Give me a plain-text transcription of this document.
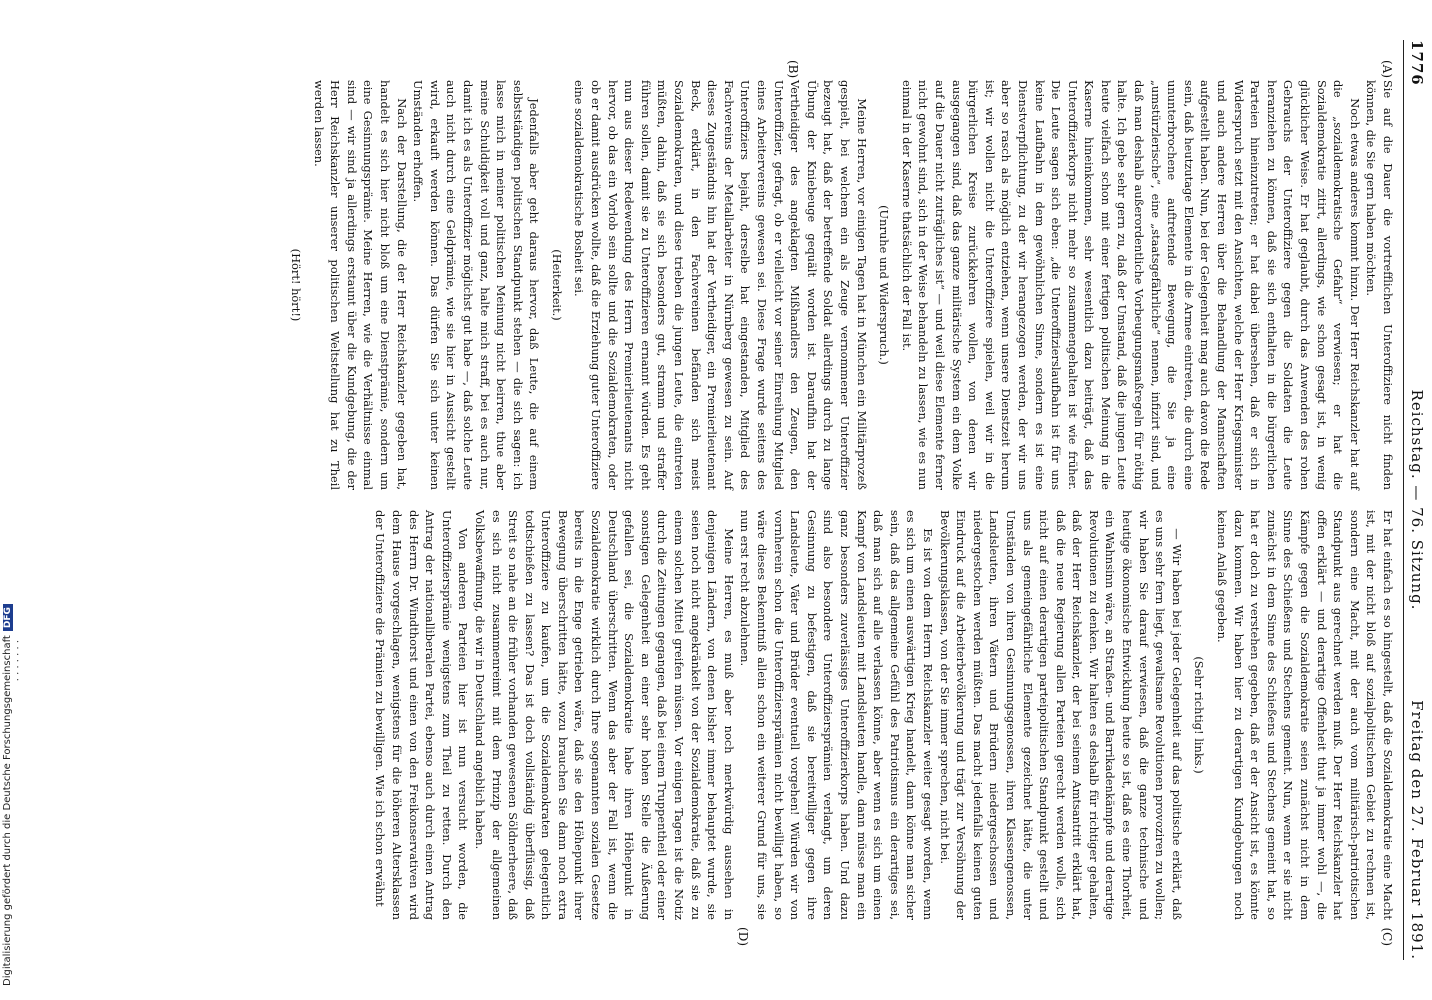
1776
Reichstag. — 76. Sitzung.
Freitag den 27. Februar 1891.
(A)
(B)
(C)
(D)

Sie auf die Dauer die vortrefflichen Unteroffiziere nicht finden können, die Sie gern haben möchten.

Noch etwas anderes kommt hinzu. Der Herr Reichskanzler hat auf die „sozialdemokratische Gefahr“ verwiesen; er hat die Sozialdemokratie zitirt, allerdings, wie schon gesagt ist, in wenig glücklicher Weise. Er hat geglaubt, durch das Anwenden des rohen Gebrauchs der Unteroffiziere gegen die Soldaten die Leute heranziehen zu können, daß sie sich enthalten in die bürgerlichen Parteien hineinzutreten; er hat dabei übersehen, daß er sich in Widerspruch setzt mit den Ansichten, welche der Herr Kriegsminister und auch andere Herren über die Behandlung der Mannschaften aufgestellt haben. Nun, bei der Gelegenheit mag auch davon die Rede sein, daß heutzutage Elemente in die Armee eintreten, die durch eine ununterbrochene auftretende Bewegung, die Sie ja eine „umstürzlerische“, eine „staatsgefährliche“ nennen, infizirt sind, und daß man deshalb außerordentliche Vorbeugungsmaßregeln für nöthig halte. Ich gebe sehr gern zu, daß der Umstand, daß die jungen Leute heute vielfach schon mit einer fertigen politischen Meinung in die Kaserne hineinkommen, sehr wesentlich dazu beiträgt, daß das Unteroffizierkorps nicht mehr so zusammengehalten ist wie früher. Die Leute sagen sich eben: „die Unteroffizierslaufbahn ist für uns keine Laufbahn in dem gewöhnlichen Sinne, sondern es ist eine Dienstverpflichtung, zu der wir herangezogen werden, der wir uns aber so rasch als möglich entziehen, wenn unsere Dienstzeit herum ist; wir wollen nicht die Unteroffiziere spielen, weil wir in die bürgerlichen Kreise zurückkehren wollen, von denen wir ausgegangen sind, daß das ganze militärische System ein dem Volke auf die Dauer nicht zuträgliches ist“ — und weil diese Elemente ferner nicht gewohnt sind, sich in der Weise behandeln zu lassen, wie es nun einmal in der Kaserne thatsächlich der Fall ist.

(Unruhe und Widerspruch.)

Meine Herren, vor einigen Tagen hat in München ein Militärprozeß gespielt, bei welchem ein als Zeuge vernommener Unteroffizier bezeugt hat, daß der betreffende Soldat allerdings durch zu lange Übung der Kniebeuge gequält worden ist. Daraufhin hat der Vertheidiger des angeklagten Mißhandlers den Zeugen, den Unteroffizier, gefragt, ob er vielleicht vor seiner Einreihung Mitglied eines Arbeitervereins gewesen sei. Diese Frage wurde seitens des Unteroffiziers bejaht, derselbe hat eingestanden, Mitglied des Fachvereins der Metallarbeiter in Nürnberg gewesen zu sein. Auf dieses Zugeständnis hin hat der Vertheidiger, ein Premierlieutenant Beck, erklärt, in den Fachvereinen befänden sich meist Sozialdemokraten, und diese trieben die jungen Leute, die eintreten müßten, dahin, daß sie sich besonders gut, stramm und straffer führen sollen, damit sie zu Unteroffizieren ernannt würden. Es geht nun aus dieser Redewendung des Herrn Premierlieutenants nicht hervor, ob das ein Vorlob sein sollte und die Sozialdemokraten, oder ob er damit ausdrücken wollte, daß die Erziehung guter Unteroffiziere eine sozialdemokratische Bosheit sei.

(Heiterkeit.)

Jedenfalls aber geht daraus hervor, daß Leute, die auf einem selbstständigen politischen Standpunkt stehen — die sich sagen: ich lasse mich in meiner politischen Meinung nicht beirren, thue aber meine Schuldigkeit voll und ganz, halte mich straff, bei es auch nur, damit ich es als Unteroffizier möglichst gut habe —, daß solche Leute auch nicht durch eine Geldprämie, wie sie hier in Aussicht gestellt wird, erkauft werden können. Das dürfen Sie sich unter keinen Umständen erhoffen.

Nach der Darstellung, die der Herr Reichskanzler gegeben hat, handelt es sich hier nicht bloß um eine Dienstprämie, sondern um eine Gesinnungsprämie. Meine Herren, wie die Verhältnisse einmal sind — wir sind ja allerdings erstaunt über die Kundgebung, die der Herr Reichskanzler unserer politischen Weltstellung hat zu Theil werden lassen.

(Hört! hört!)

Er hat einfach es so hingestellt, daß die Sozialdemokratie eine Macht ist, mit der nicht bloß auf sozialpolitischem Gebiet zu rechnen ist, sondern eine Macht, mit der auch vom militärisch-patriotischen Standpunkt aus gerechnet werden muß. Der Herr Reichskanzler hat offen erklärt — und derartige Offenheit thut ja immer wohl —, die Kämpfe gegen die Sozialdemokratie seien zunächst nicht in dem Sinne des Schießens und Stechens gemeint. Nun, wenn er sie nicht zunächst in dem Sinne des Schießens und Stechens gemeint hat, so hat er doch zu verstehen gegeben, daß er der Ansicht ist, es könnte dazu kommen. Wir haben hier zu derartigen Kundgebungen noch keinen Anlaß gegeben.

(Sehr richtig! links.)

— Wir haben bei jeder Gelegenheit auf das politische erklärt, daß es uns sehr fern liegt, gewaltsame Revolutionen provoziren zu wollen; wir haben Sie darauf verwiesen, daß die ganze technische und heutige ökonomische Entwicklung heute so ist, daß es eine Thorheit, ein Wahnsinn wäre, an Straßen- und Barrikadenkämpfe und derartige Revolutionen zu denken. Wir halten es deshalb für richtiger gehalten, daß der Herr Reichskanzler, der bei seinem Amtsantritt erklärt hat, daß die neue Regierung allen Parteien gerecht werden wolle, sich nicht auf einen derartigen parteipolitischen Standpunkt gestellt und uns als gemeingefährliche Elemente gezeichnet hätte, die unter Umständen von ihren Gesinnungsgenossen, ihren Klassengenossen, Landsleuten, ihren Vätern und Brüdern niedergeschossen und niedergestochen werden müßten. Das macht jedenfalls keinen guten Eindruck auf die Arbeiterbevölkerung und trägt zur Versöhnung der Bevölkerungsklassen, von der Sie immer sprechen, nicht bei.

Es ist von dem Herrn Reichskanzler weiter gesagt worden, wenn es sich um einen auswärtigen Krieg handelt, dann könne man sicher sein, daß das allgemeine Gefühl des Patriotismus ein derartiges sei, daß man sich auf alle verlassen könne, aber wenn es sich um einen Kampf von Landsleuten mit Landsleuten handle, dann müsse man ein ganz besonders zuverlässiges Unteroffizierkorps haben. Und dazu sind also besondere Unteroffiziersprämien verlangt, um deren Gesinnung zu befestigen, daß sie bereitwilliger gegen ihre Landsleute, Väter und Brüder eventuell vorgehen! Würden wir von vornherein schon die Unteroffiziersprämien nicht bewilligt haben, so wäre dieses Bekenntniß allein schon ein weiterer Grund für uns, sie nun erst recht abzulehnen.

Meine Herren, es muß aber noch merkwürdig aussehen in denjenigen Ländern, von denen bisher immer behauptet wurde, sie seien noch nicht angekränkelt von der Sozialdemokratie, daß sie zu einem solchen Mittel greifen müssen. Vor einigen Tagen ist die Notiz durch die Zeitungen gegangen, daß bei einem Truppentheil oder einer sonstigen Gelegenheit an einer sehr hohen Stelle die Äußerung gefallen sei, die Sozialdemokratie habe ihren Höhepunkt in Deutschland überschritten. Wenn das aber der Fall ist, wenn die Sozialdemokratie wirklich durch Ihre sogenannten sozialen Gesetze bereits in die Enge getrieben wäre, daß sie den Höhepunkt ihrer Bewegung überschritten hätte, wozu brauchen Sie dann noch extra Unteroffiziere zu kaufen, um die Sozialdemokraten gelegentlich todtschießen zu lassen? Das ist doch vollständig überflüssig, daß Streit so nahe an die früher vorhanden gewesenen Söldnerheere, daß es sich nicht zusammenreimt mit dem Prinzip der allgemeinen Volksbewaffnung, die wir in Deutschland angeblich haben.

Von anderen Parteien hier ist nun versucht worden, die Unteroffiziersprämie wenigstens zum Theil zu retten. Durch den Antrag der nationalliberalen Partei, ebenso auch durch einen Antrag des Herrn Dr. Windthorst und einen von den Freikonservativen wird dem Hause vorgeschlagen, wenigstens für die höheren Altersklassen der Unteroffiziere die Prämien zu bewilligen. Wie ich schon erwähnt

· · · · · · ·
Digitalisierung gefördert durch die Deutsche ForschungsgemeinschaftDFG
